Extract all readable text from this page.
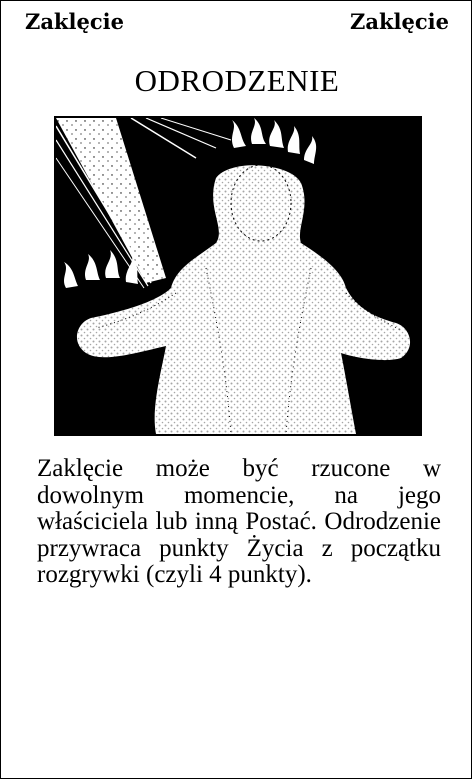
Zaklęcie	Zaklęcie
ODRODZENIE
Zaklęcie może być rzucone w dowolnym momencie, na jego właściciela lub inną Postać. Odrodzenie przywraca punkty Życia z początku rozgrywki (czyli 4 punkty).
